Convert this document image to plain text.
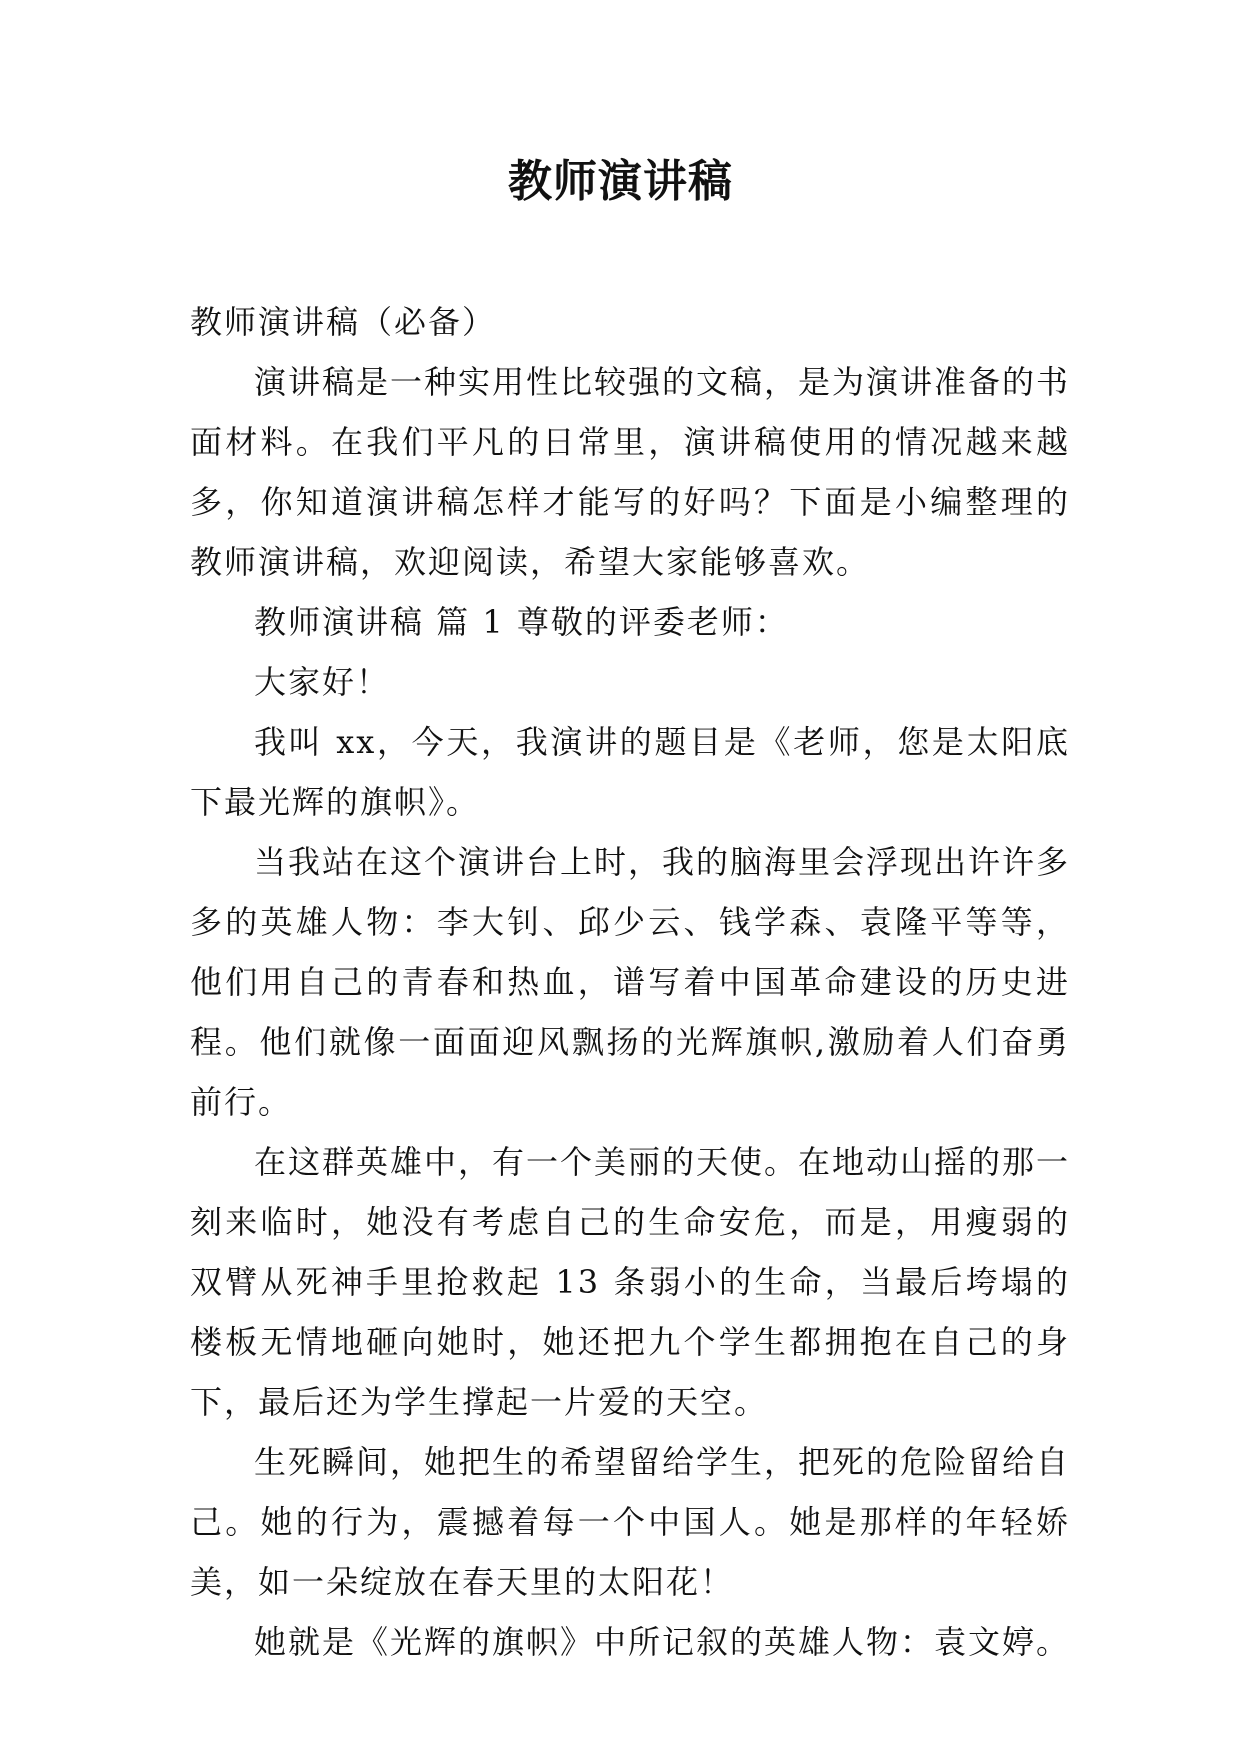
教师演讲稿

教师演讲稿（必备）

演讲稿是一种实用性比较强的文稿，是为演讲准备的书面材料。在我们平凡的日常里，演讲稿使用的情况越来越多，你知道演讲稿怎样才能写的好吗？下面是小编整理的教师演讲稿，欢迎阅读，希望大家能够喜欢。

教师演讲稿 篇 1 尊敬的评委老师：

大家好！

我叫 xx，今天，我演讲的题目是《老师，您是太阳底下最光辉的旗帜》。

当我站在这个演讲台上时，我的脑海里会浮现出许许多多的英雄人物：李大钊、邱少云、钱学森、袁隆平等等，他们用自己的青春和热血，谱写着中国革命建设的历史进程。他们就像一面面迎风飘扬的光辉旗帜,激励着人们奋勇前行。

在这群英雄中，有一个美丽的天使。在地动山摇的那一刻来临时，她没有考虑自己的生命安危，而是，用瘦弱的双臂从死神手里抢救起 13 条弱小的生命，当最后垮塌的楼板无情地砸向她时，她还把九个学生都拥抱在自己的身下，最后还为学生撑起一片爱的天空。

生死瞬间，她把生的希望留给学生，把死的危险留给自己。她的行为，震撼着每一个中国人。她是那样的年轻娇美，如一朵绽放在春天里的太阳花！

她就是《光辉的旗帜》中所记叙的英雄人物：袁文婷。
